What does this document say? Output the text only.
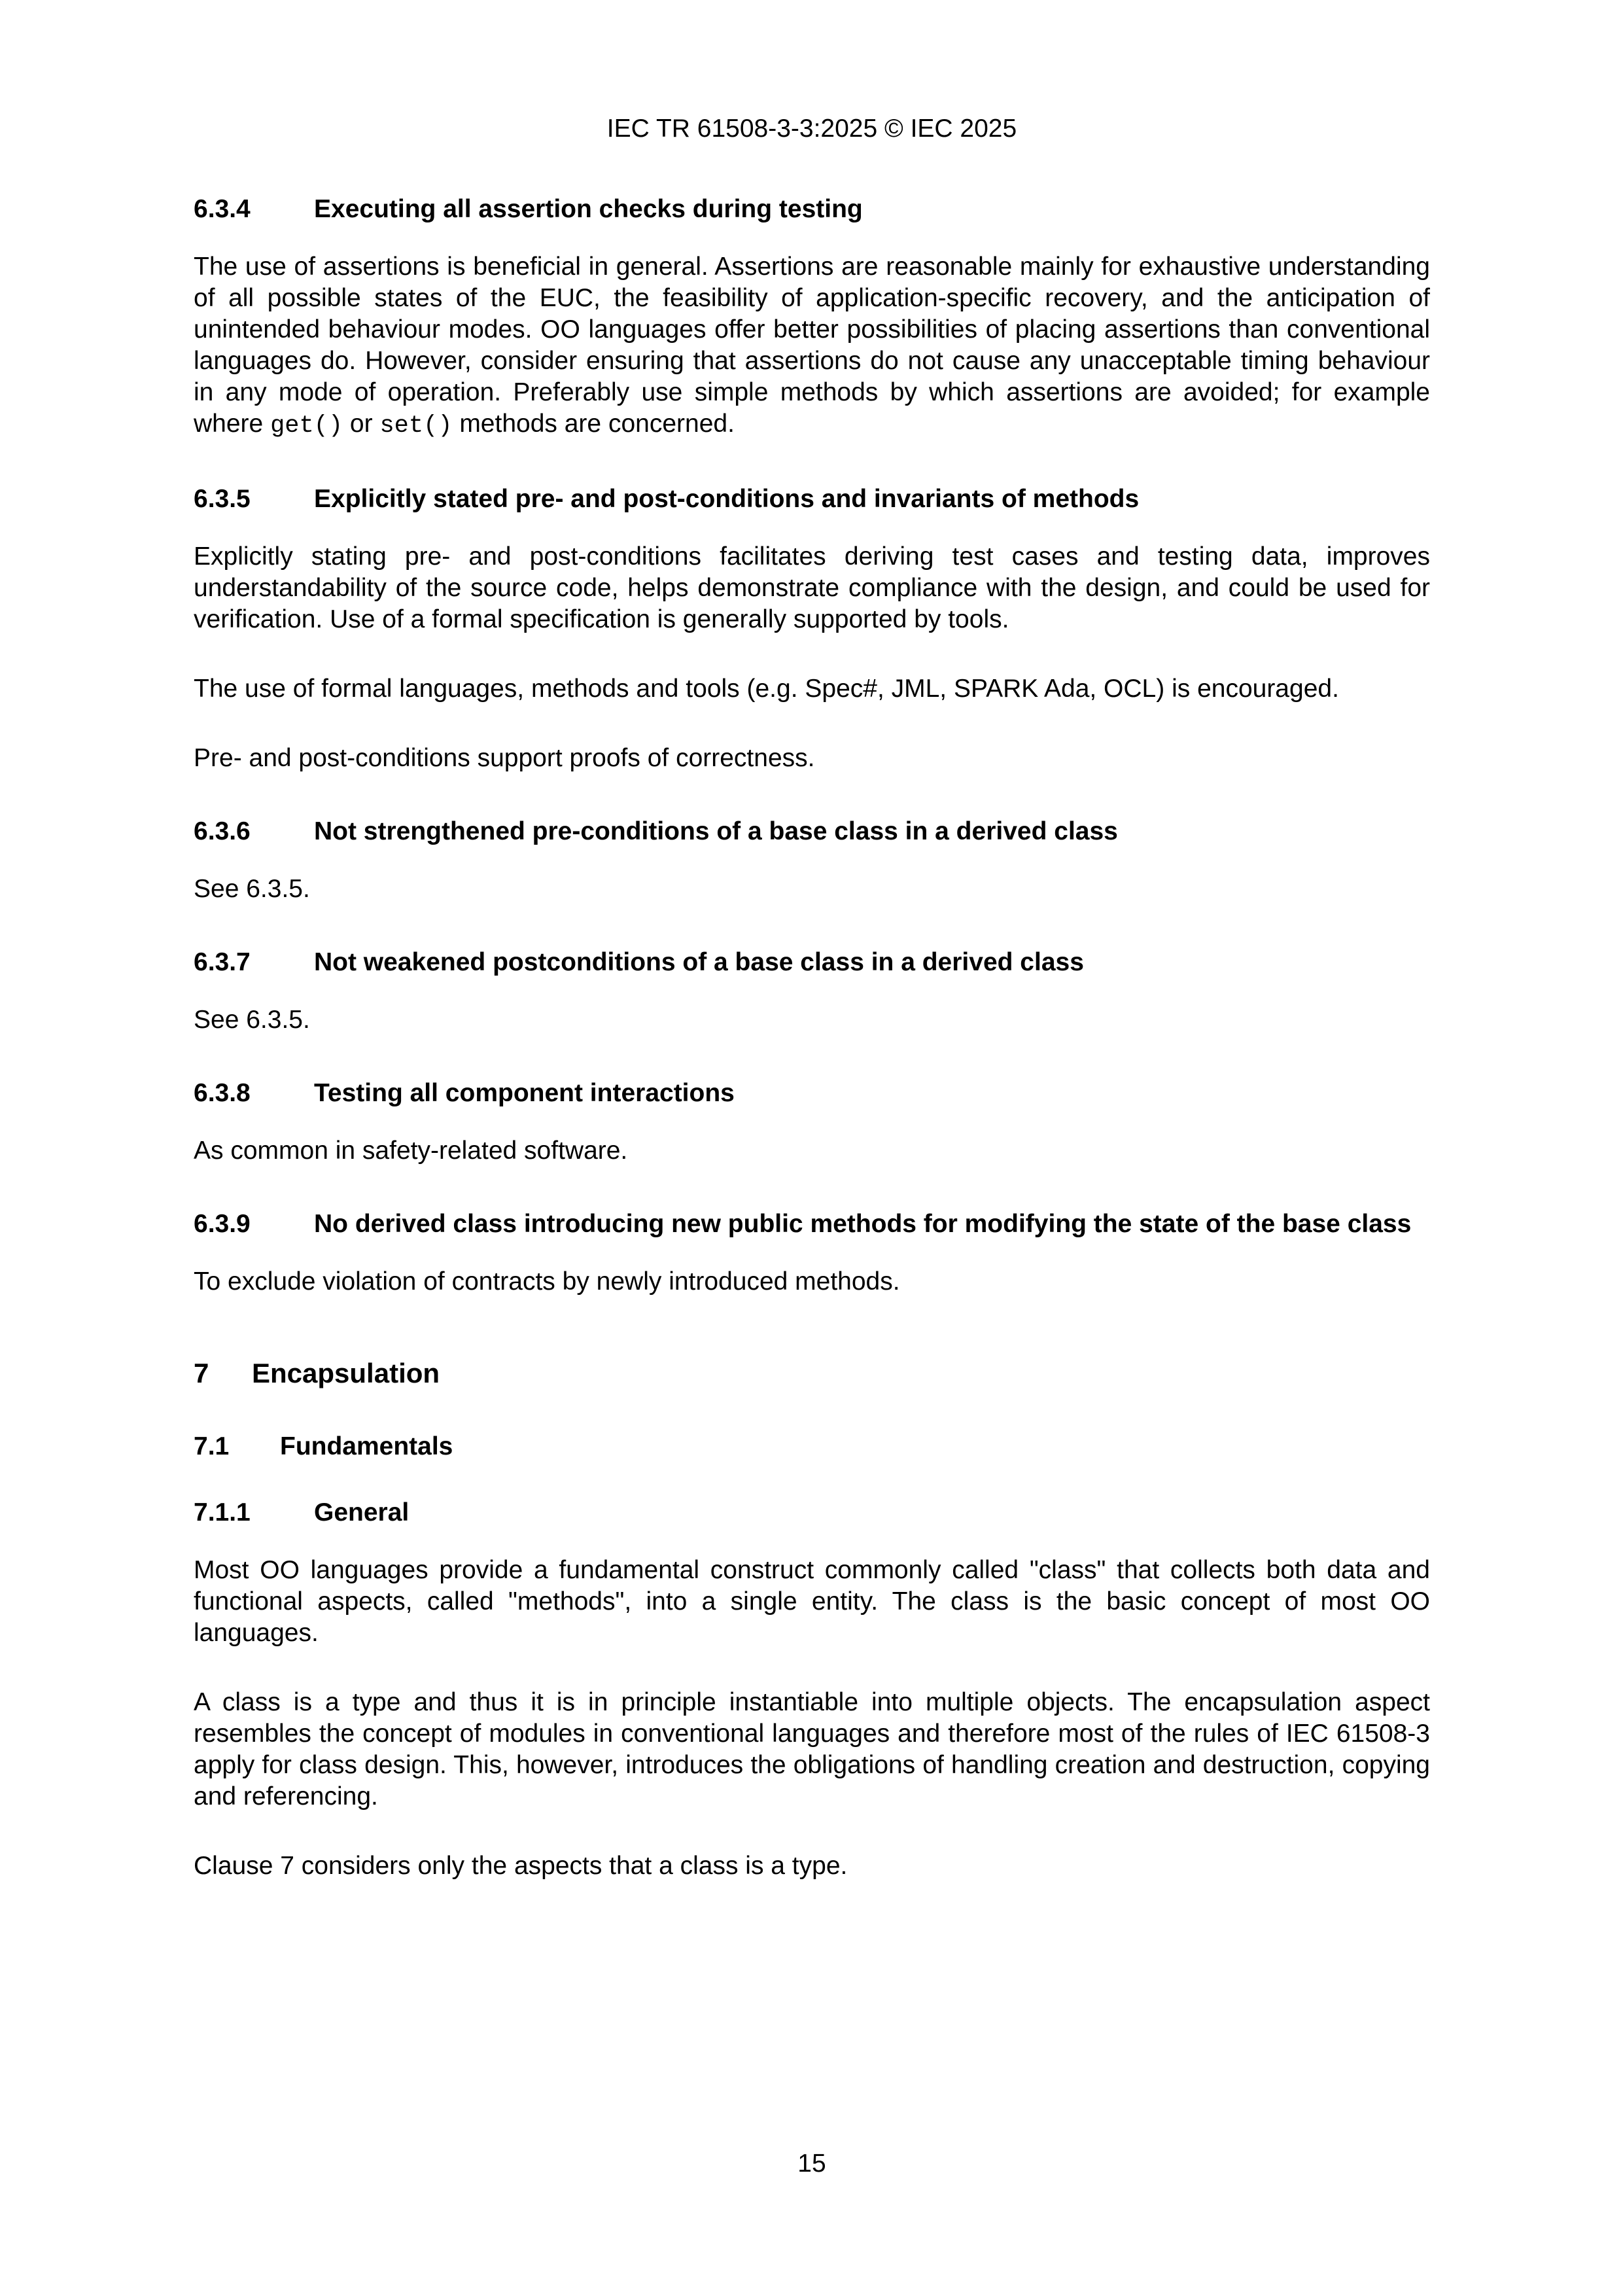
IEC TR 61508-3-3:2025 © IEC 2025
6.3.4	Executing all assertion checks during testing

The use of assertions is beneficial in general. Assertions are reasonable mainly for exhaustive understanding of all possible states of the EUC, the feasibility of application-specific recovery, and the anticipation of unintended behaviour modes. OO languages offer better possibilities of placing assertions than conventional languages do. However, consider ensuring that assertions do not cause any unacceptable timing behaviour in any mode of operation. Preferably use simple methods by which assertions are avoided; for example where get() or set() methods are concerned.

6.3.5	Explicitly stated pre- and post-conditions and invariants of methods

Explicitly stating pre- and post-conditions facilitates deriving test cases and testing data, improves understandability of the source code, helps demonstrate compliance with the design, and could be used for verification. Use of a formal specification is generally supported by tools.

The use of formal languages, methods and tools (e.g. Spec#, JML, SPARK Ada, OCL) is encouraged.

Pre- and post-conditions support proofs of correctness.

6.3.6	Not strengthened pre-conditions of a base class in a derived class

See 6.3.5.

6.3.7	Not weakened postconditions of a base class in a derived class

See 6.3.5.

6.3.8	Testing all component interactions

As common in safety-related software.

6.3.9	No derived class introducing new public methods for modifying the state of the base class

To exclude violation of contracts by newly introduced methods.

7	Encapsulation
7.1	Fundamentals
7.1.1	General

Most OO languages provide a fundamental construct commonly called "class" that collects both data and functional aspects, called "methods", into a single entity. The class is the basic concept of most OO languages.

A class is a type and thus it is in principle instantiable into multiple objects. The encapsulation aspect resembles the concept of modules in conventional languages and therefore most of the rules of IEC 61508-3 apply for class design. This, however, introduces the obligations of handling creation and destruction, copying and referencing.

Clause 7 considers only the aspects that a class is a type.

15
